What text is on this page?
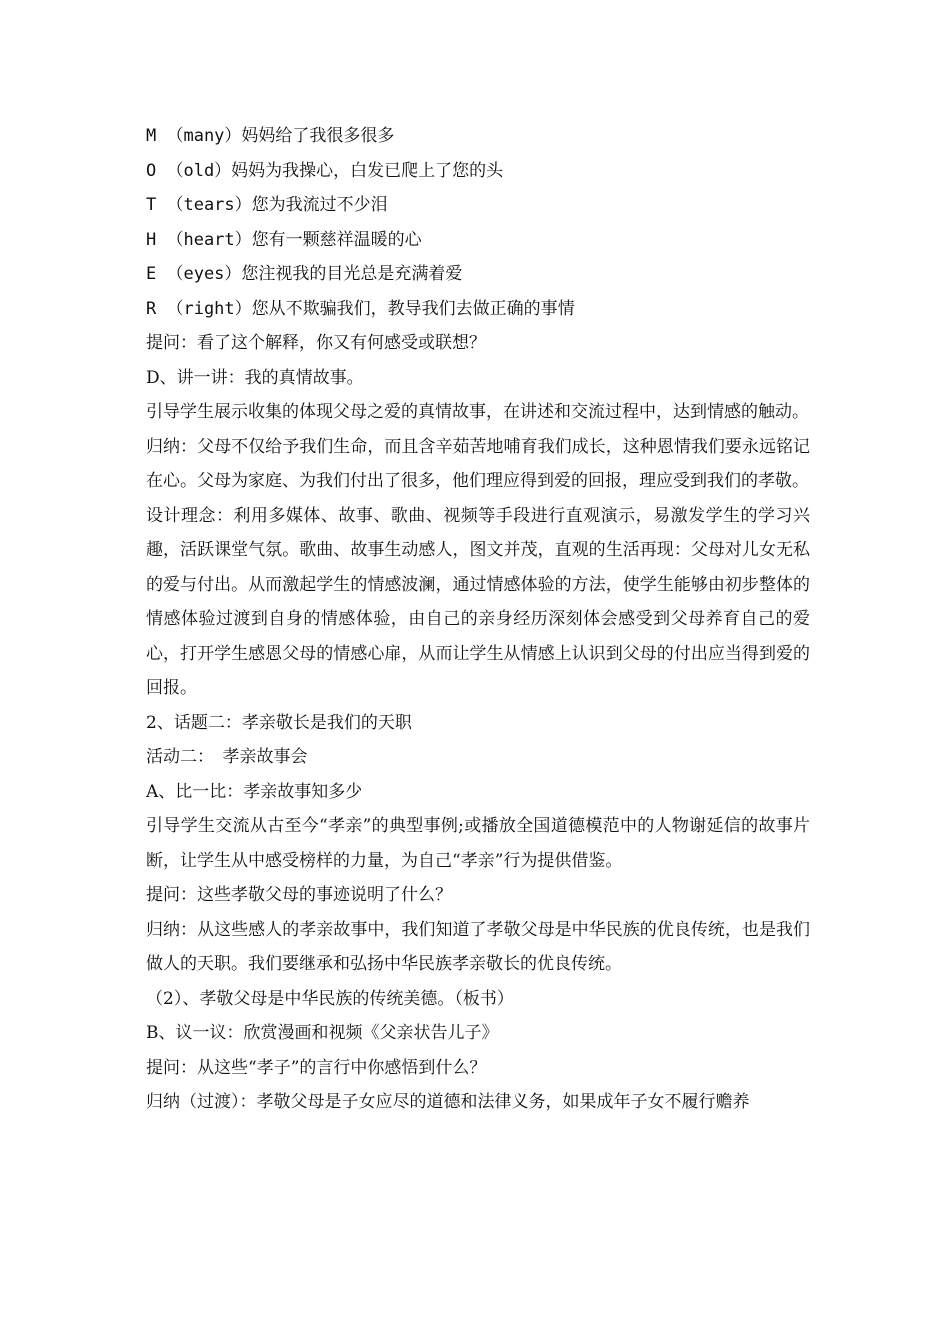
M （many）妈妈给了我很多很多
O （old）妈妈为我操心，白发已爬上了您的头
T （tears）您为我流过不少泪
H （heart）您有一颗慈祥温暖的心
E （eyes）您注视我的目光总是充满着爱
R （right）您从不欺骗我们，教导我们去做正确的事情
提问：看了这个解释，你又有何感受或联想？
D、讲一讲：我的真情故事。
引导学生展示收集的体现父母之爱的真情故事，在讲述和交流过程中，达到情感的触动。
归纳：父母不仅给予我们生命，而且含辛茹苦地哺育我们成长，这种恩情我们要永远铭记在心。父母为家庭、为我们付出了很多，他们理应得到爱的回报，理应受到我们的孝敬。
设计理念：利用多媒体、故事、歌曲、视频等手段进行直观演示，易激发学生的学习兴趣，活跃课堂气氛。歌曲、故事生动感人，图文并茂，直观的生活再现：父母对儿女无私的爱与付出。从而激起学生的情感波澜，通过情感体验的方法，使学生能够由初步整体的情感体验过渡到自身的情感体验，由自己的亲身经历深刻体会感受到父母养育自己的爱心，打开学生感恩父母的情感心扉，从而让学生从情感上认识到父母的付出应当得到爱的回报。
2、话题二：孝亲敬长是我们的天职
活动二：　孝亲故事会
A、比一比：孝亲故事知多少
引导学生交流从古至今“孝亲”的典型事例;或播放全国道德模范中的人物谢延信的故事片断，让学生从中感受榜样的力量，为自己“孝亲”行为提供借鉴。
提问：这些孝敬父母的事迹说明了什么？
归纳：从这些感人的孝亲故事中，我们知道了孝敬父母是中华民族的优良传统，也是我们做人的天职。我们要继承和弘扬中华民族孝亲敬长的优良传统。
（2）、孝敬父母是中华民族的传统美德。（板书）
B、议一议：欣赏漫画和视频《父亲状告儿子》
提问：从这些“孝子”的言行中你感悟到什么？
归纳（过渡）：孝敬父母是子女应尽的道德和法律义务，如果成年子女不履行赡养
